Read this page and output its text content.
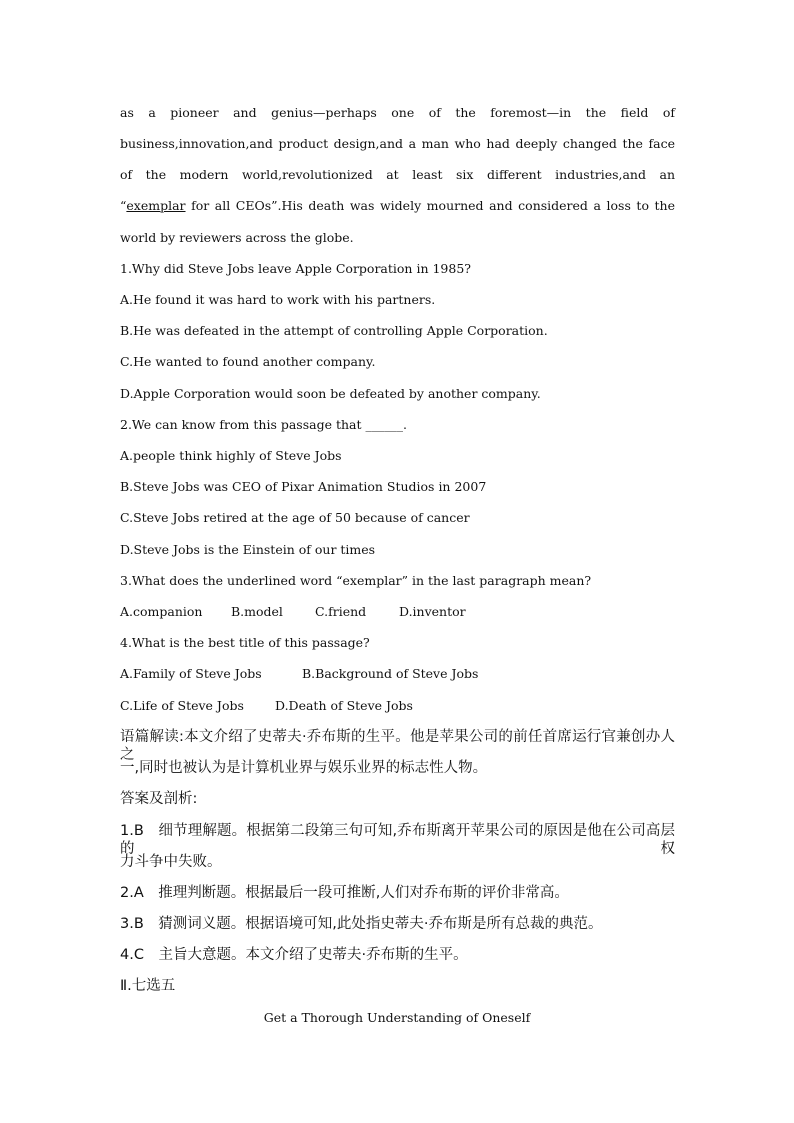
as a pioneer and genius—perhaps one of the foremost—in the field of
business,innovation,and product design,and a man who had deeply changed the face
of the modern world,revolutionized at least six different industries,and an
“exemplar for all CEOs”.His death was widely mourned and considered a loss to the
world by reviewers across the globe.
1.Why did Steve Jobs leave Apple Corporation in 1985?
A.He found it was hard to work with his partners.
B.He was defeated in the attempt of controlling Apple Corporation.
C.He wanted to found another company.
D.Apple Corporation would soon be defeated by another company.
2.We can know from this passage that ______.
A.people think highly of Steve Jobs
B.Steve Jobs was CEO of Pixar Animation Studios in 2007
C.Steve Jobs retired at the age of 50 because of cancer
D.Steve Jobs is the Einstein of our times
3.What does the underlined word “exemplar” in the last paragraph mean?
A.companion B.model	C.friend	D.inventor
4.What is the best title of this passage?
A.Family of Steve Jobs	B.Background of Steve Jobs
C.Life of Steve Jobs D.Death of Steve Jobs
语篇解读:本文介绍了史蒂夫·乔布斯的生平。他是苹果公司的前任首席运行官兼创办人之
一,同时也被认为是计算机业界与娱乐业界的标志性人物。
答案及剖析:
1.B　细节理解题。根据第二段第三句可知,乔布斯离开苹果公司的原因是他在公司高层的权
力斗争中失败。
2.A　推理判断题。根据最后一段可推断,人们对乔布斯的评价非常高。
3.B　猜测词义题。根据语境可知,此处指史蒂夫·乔布斯是所有总裁的典范。
4.C　主旨大意题。本文介绍了史蒂夫·乔布斯的生平。
Ⅱ.七选五
Get a Thorough Understanding of Oneself
